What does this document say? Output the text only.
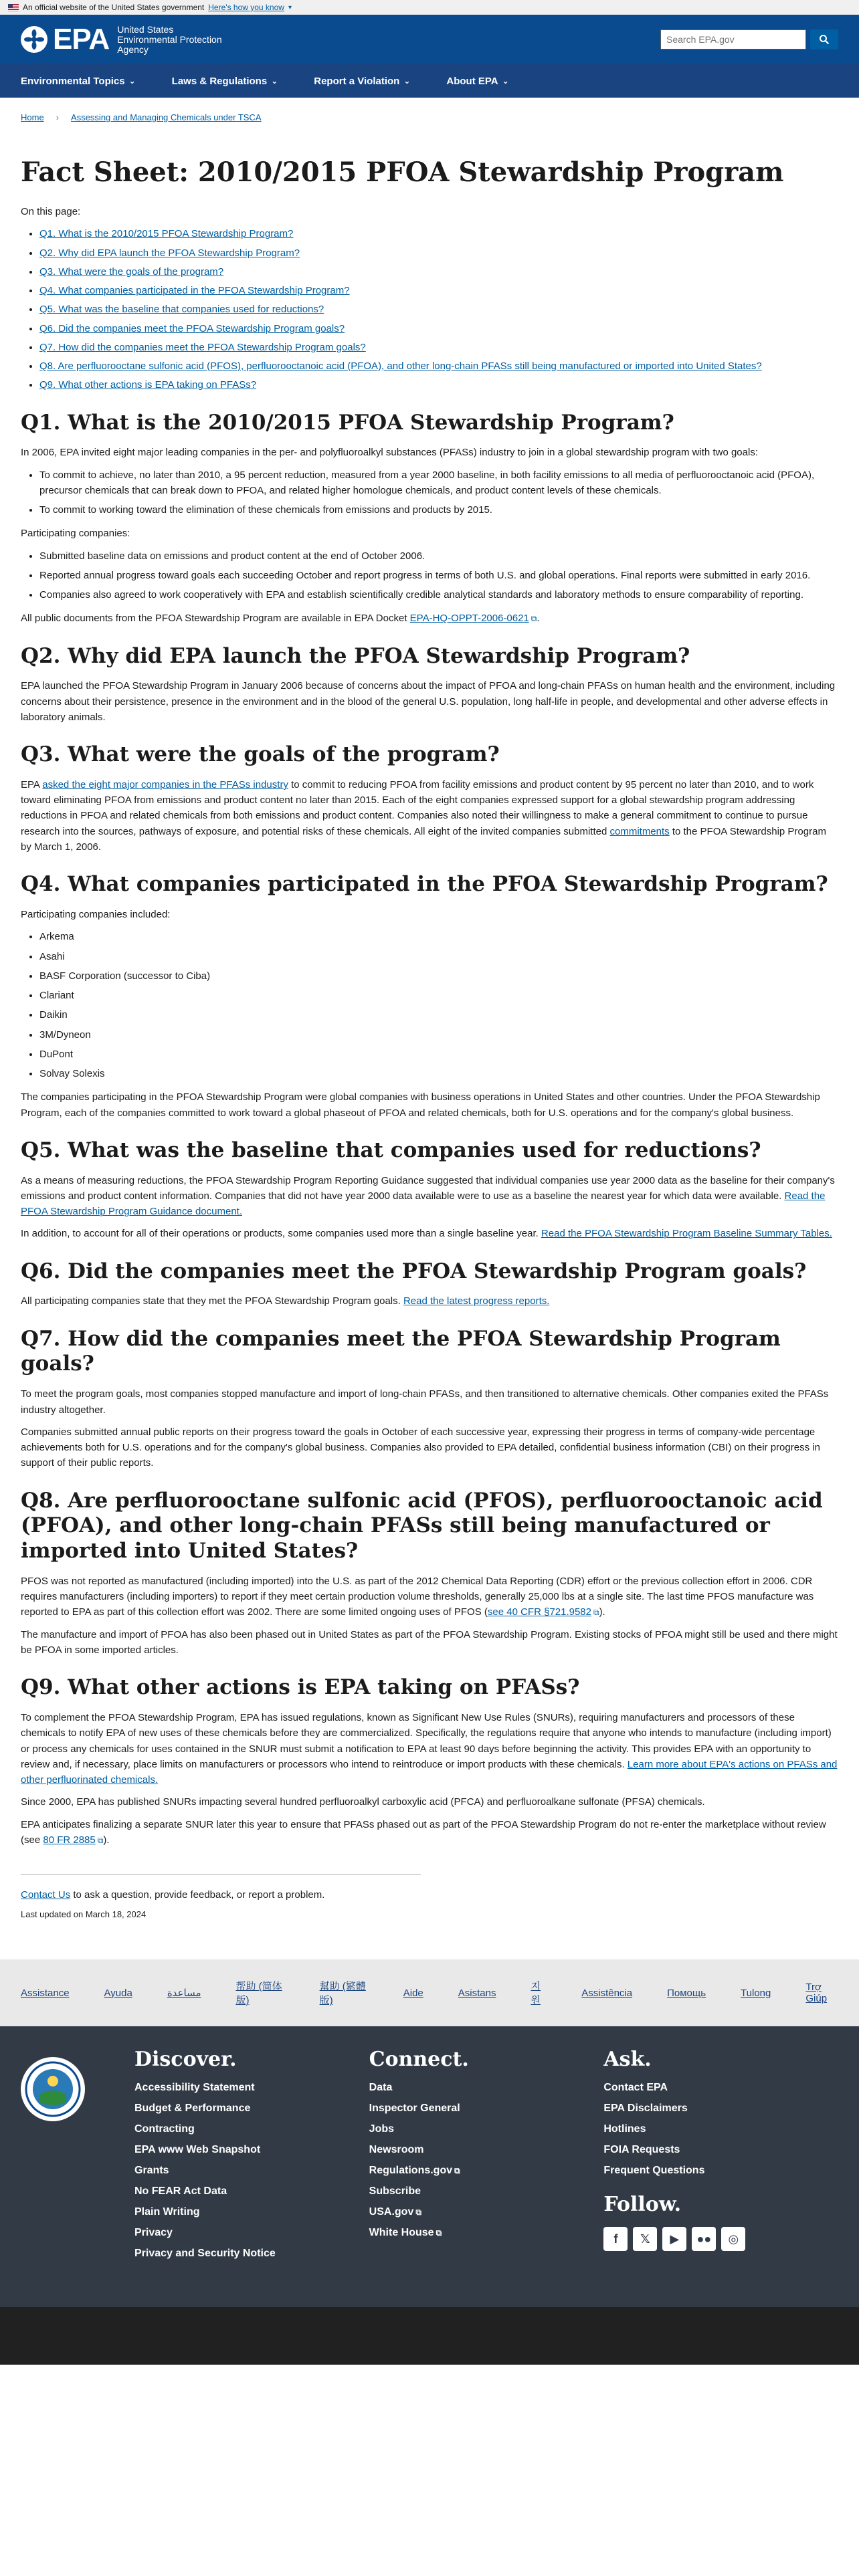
An official website of the United States government Here's how you know ▾
EPA United States
Environmental Protection
Agency
Search EPA.gov
Environmental Topics ⌄	Laws & Regulations ⌄	Report a Violation ⌄	About EPA ⌄
Home › Assessing and Managing Chemicals under TSCA
Fact Sheet: 2010/2015 PFOA Stewardship Program

On this page:

• Q1. What is the 2010/2015 PFOA Stewardship Program?
• Q2. Why did EPA launch the PFOA Stewardship Program?
• Q3. What were the goals of the program?
• Q4. What companies participated in the PFOA Stewardship Program?
• Q5. What was the baseline that companies used for reductions?
• Q6. Did the companies meet the PFOA Stewardship Program goals?
• Q7. How did the companies meet the PFOA Stewardship Program goals?
• Q8. Are perfluorooctane sulfonic acid (PFOS), perfluorooctanoic acid (PFOA), and other long-chain PFASs still being manufactured or imported into United States?
• Q9. What other actions is EPA taking on PFASs?
Q1. What is the 2010/2015 PFOA Stewardship Program?

In 2006, EPA invited eight major leading companies in the per- and polyfluoroalkyl substances (PFASs) industry to join in a global stewardship program with two goals:

• To commit to achieve, no later than 2010, a 95 percent reduction, measured from a year 2000 baseline, in both facility emissions to all media of perfluorooctanoic acid (PFOA), precursor chemicals that can break down to PFOA, and related higher homologue chemicals, and product content levels of these chemicals.
• To commit to working toward the elimination of these chemicals from emissions and products by 2015.

Participating companies:

• Submitted baseline data on emissions and product content at the end of October 2006.
• Reported annual progress toward goals each succeeding October and report progress in terms of both U.S. and global operations. Final reports were submitted in early 2016.
• Companies also agreed to work cooperatively with EPA and establish scientifically credible analytical standards and laboratory methods to ensure comparability of reporting.

All public documents from the PFOA Stewardship Program are available in EPA Docket EPA-HQ-OPPT-2006-0621 ⧉.

Q2. Why did EPA launch the PFOA Stewardship Program?

EPA launched the PFOA Stewardship Program in January 2006 because of concerns about the impact of PFOA and long-chain PFASs on human health and the environment, including concerns about their persistence, presence in the environment and in the blood of the general U.S. population, long half-life in people, and developmental and other adverse effects in laboratory animals.

Q3. What were the goals of the program?

EPA asked the eight major companies in the PFASs industry to commit to reducing PFOA from facility emissions and product content by 95 percent no later than 2010, and to work toward eliminating PFOA from emissions and product content no later than 2015. Each of the eight companies expressed support for a global stewardship program addressing reductions in PFOA and related chemicals from both emissions and product content. Companies also noted their willingness to make a general commitment to continue to pursue research into the sources, pathways of exposure, and potential risks of these chemicals. All eight of the invited companies submitted commitments to the PFOA Stewardship Program by March 1, 2006.

Q4. What companies participated in the PFOA Stewardship Program?

Participating companies included:

• Arkema
• Asahi
• BASF Corporation (successor to Ciba)
• Clariant
• Daikin
• 3M/Dyneon
• DuPont
• Solvay Solexis

The companies participating in the PFOA Stewardship Program were global companies with business operations in United States and other countries. Under the PFOA Stewardship Program, each of the companies committed to work toward a global phaseout of PFOA and related chemicals, both for U.S. operations and for the company's global business.

Q5. What was the baseline that companies used for reductions?

As a means of measuring reductions, the PFOA Stewardship Program Reporting Guidance suggested that individual companies use year 2000 data as the baseline for their company's emissions and product content information. Companies that did not have year 2000 data available were to use as a baseline the nearest year for which data were available. Read the PFOA Stewardship Program Guidance document.

In addition, to account for all of their operations or products, some companies used more than a single baseline year. Read the PFOA Stewardship Program Baseline Summary Tables.

Q6. Did the companies meet the PFOA Stewardship Program goals?

All participating companies state that they met the PFOA Stewardship Program goals. Read the latest progress reports.

Q7. How did the companies meet the PFOA Stewardship Program goals?

To meet the program goals, most companies stopped manufacture and import of long-chain PFASs, and then transitioned to alternative chemicals. Other companies exited the PFASs industry altogether.

Companies submitted annual public reports on their progress toward the goals in October of each successive year, expressing their progress in terms of company-wide percentage achievements both for U.S. operations and for the company's global business. Companies also provided to EPA detailed, confidential business information (CBI) on their progress in support of their public reports.

Q8. Are perfluorooctane sulfonic acid (PFOS), perfluorooctanoic acid (PFOA), and other long-chain PFASs still being manufactured or imported into United States?

PFOS was not reported as manufactured (including imported) into the U.S. as part of the 2012 Chemical Data Reporting (CDR) effort or the previous collection effort in 2006. CDR requires manufacturers (including importers) to report if they meet certain production volume thresholds, generally 25,000 lbs at a single site. The last time PFOS manufacture was reported to EPA as part of this collection effort was 2002. There are some limited ongoing uses of PFOS (see 40 CFR §721.9582 ⧉).

The manufacture and import of PFOA has also been phased out in United States as part of the PFOA Stewardship Program. Existing stocks of PFOA might still be used and there might be PFOA in some imported articles.

Q9. What other actions is EPA taking on PFASs?

To complement the PFOA Stewardship Program, EPA has issued regulations, known as Significant New Use Rules (SNURs), requiring manufacturers and processors of these chemicals to notify EPA of new uses of these chemicals before they are commercialized. Specifically, the regulations require that anyone who intends to manufacture (including import) or process any chemicals for uses contained in the SNUR must submit a notification to EPA at least 90 days before beginning the activity. This provides EPA with an opportunity to review and, if necessary, place limits on manufacturers or processors who intend to reintroduce or import products with these chemicals. Learn more about EPA's actions on PFASs and other perfluorinated chemicals.

Since 2000, EPA has published SNURs impacting several hundred perfluoroalkyl carboxylic acid (PFCA) and perfluoroalkane sulfonate (PFSA) chemicals.

EPA anticipates finalizing a separate SNUR later this year to ensure that PFASs phased out as part of the PFOA Stewardship Program do not re-enter the marketplace without review (see 80 FR 2885 ⧉).

Contact Us to ask a question, provide feedback, or report a problem.

Last updated on March 18, 2024
Assistance	Ayuda	مساعدة
帮助 (简体版)
幫助 (繁體版)
Aide	Asistans
지원
Assistência	Помощь	Tulong	Trợ Giúp
Discover.
Accessibility Statement
Budget & Performance
Contracting
EPA www Web Snapshot
Grants
No FEAR Act Data
Plain Writing
Privacy
Privacy and Security Notice
Connect.
Data
Inspector General
Jobs
Newsroom
Regulations.gov ⧉
Subscribe
USA.gov ⧉
White House ⧉
Ask.
Contact EPA
EPA Disclaimers
Hotlines
FOIA Requests
Frequent Questions
Follow.
f	𝕏	▶	●●	◎
